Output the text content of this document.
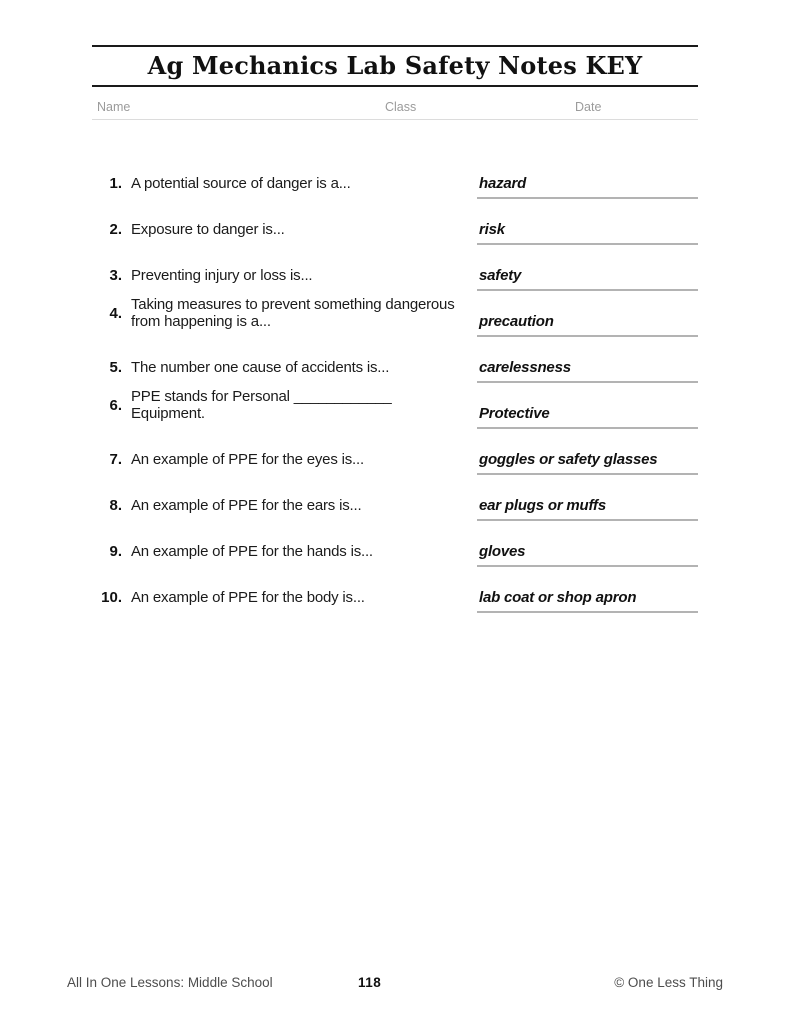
Ag Mechanics Lab Safety Notes KEY
Name	Class	Date
1. A potential source of danger is a...	hazard
2. Exposure to danger is...	risk
3. Preventing injury or loss is...	safety
4. Taking measures to prevent something dangerous from happening is a...	precaution
5. The number one cause of accidents is...	carelessness
6. PPE stands for Personal ____________ Equipment.	Protective
7. An example of PPE for the eyes is...	goggles or safety glasses
8. An example of PPE for the ears is...	ear plugs or muffs
9. An example of PPE for the hands is...	gloves
10. An example of PPE for the body is...	lab coat or shop apron
All In One Lessons: Middle School	118	© One Less Thing
